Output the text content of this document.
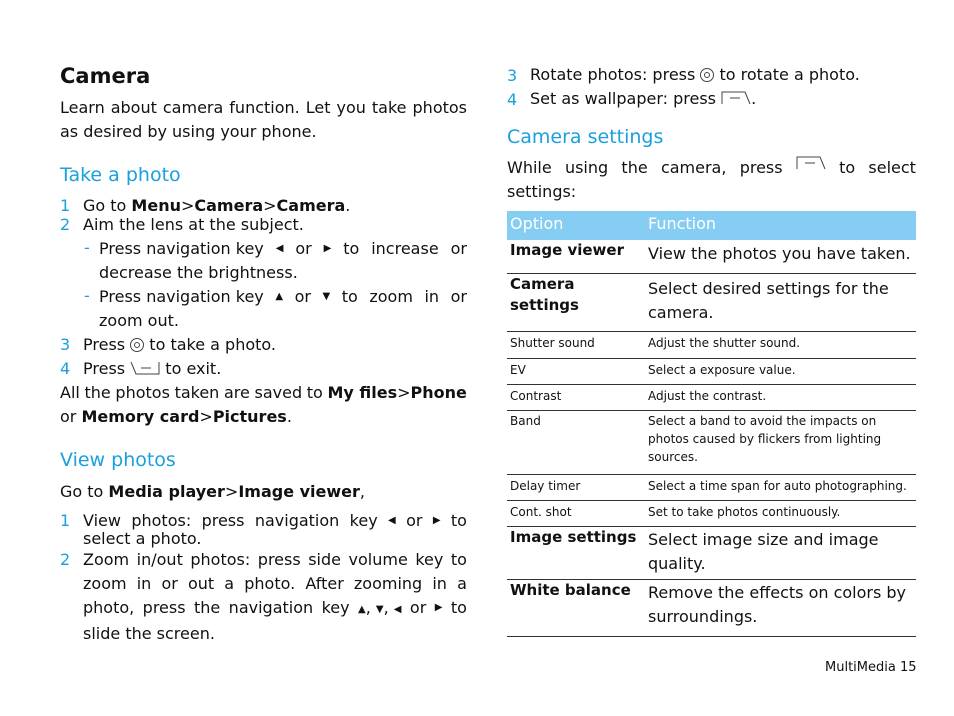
Camera

Learn about camera function. Let you take photos as desired by using your phone.

Take a photo
1 Go to Menu>Camera>Camera.
2 Aim the lens at the subject.
- Press navigation key ◀ or ▶ to increase or
decrease the brightness.
- Press navigation key ▲ or ▼ to zoom in or
zoom out.
3 Press to take a photo.
4 Press	to exit.
All the photos taken are saved to My files>Phone
or Memory card>Pictures.
View photos
Go to Media player>Image viewer,
1 View photos: press navigation key ◀ or ▶ to
select a photo.
2 Zoom in/out photos: press side volume key to
zoom in or out a photo. After zooming in a
photo, press the navigation key ▲, ▼, ◀ or ▶ to
slide the screen.
3 Rotate photos: press to rotate a photo.
4 Set as wallpaper: press .
Camera settings
While using the camera, press	to select
settings:
Option	Function
Image viewer	View the photos you have taken.
Camera settings	Select desired settings for the camera.
Shutter sound	Adjust the shutter sound.
EV	Select a exposure value.
Contrast	Adjust the contrast.
Band	Select a band to avoid the impacts on photos caused by flickers from lighting sources.
Delay timer	Select a time span for auto photographing.
Cont. shot	Set to take photos continuously.
Image settings	Select image size and image quality.
White balance	Remove the effects on colors by surroundings.
MultiMedia 15
